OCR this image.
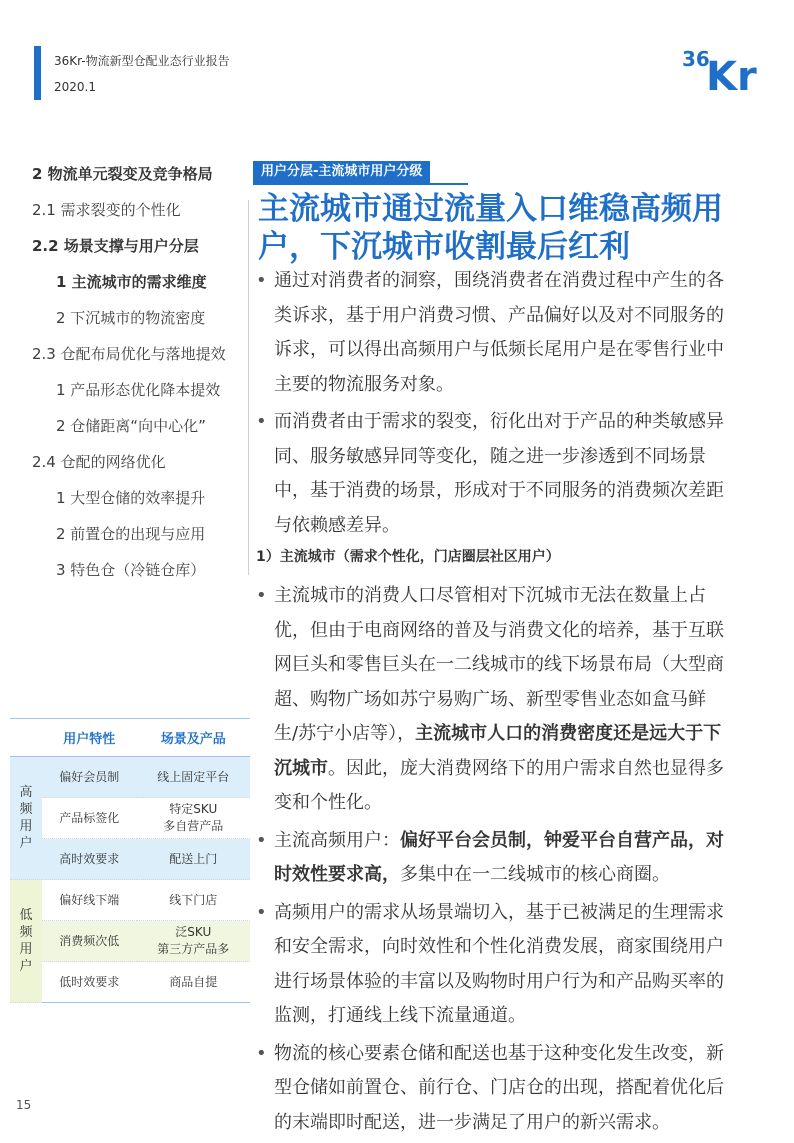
36Kr-物流新型仓配业态行业报告
2020.1
36
Kr
2 物流单元裂变及竞争格局
2.1 需求裂变的个性化
2.2 场景支撑与用户分层
1 主流城市的需求维度
2 下沉城市的物流密度
2.3 仓配布局优化与落地提效
1 产品形态优化降本提效
2 仓储距离“向中心化”
2.4 仓配的网络优化
1 大型仓储的效率提升
2 前置仓的出现与应用
3 特色仓（冷链仓库）
用户分层-主流城市用户分级
主流城市通过流量入口维稳高频用户，下沉城市收割最后红利
• 通过对消费者的洞察，围绕消费者在消费过程中产生的各类诉求，基于用户消费习惯、产品偏好以及对不同服务的诉求，可以得出高频用户与低频长尾用户是在零售行业中主要的物流服务对象。
• 而消费者由于需求的裂变，衍化出对于产品的种类敏感异同、服务敏感异同等变化，随之进一步渗透到不同场景中，基于消费的场景，形成对于不同服务的消费频次差距与依赖感差异。
1）主流城市（需求个性化，门店圈层社区用户）
• 主流城市的消费人口尽管相对下沉城市无法在数量上占优，但由于电商网络的普及与消费文化的培养，基于互联网巨头和零售巨头在一二线城市的线下场景布局（大型商超、购物广场如苏宁易购广场、新型零售业态如盒马鲜生/苏宁小店等），主流城市人口的消费密度还是远大于下沉城市。因此，庞大消费网络下的用户需求自然也显得多变和个性化。
• 主流高频用户：偏好平台会员制，钟爱平台自营产品，对时效性要求高，多集中在一二线城市的核心商圈。
• 高频用户的需求从场景端切入，基于已被满足的生理需求和安全需求，向时效性和个性化消费发展，商家围绕用户进行场景体验的丰富以及购物时用户行为和产品购买率的监测，打通线上线下流量通道。
• 物流的核心要素仓储和配送也基于这种变化发生改变，新型仓储如前置仓、前行仓、门店仓的出现，搭配着优化后的末端即时配送，进一步满足了用户的新兴需求。
	用户特性	场景及产品
高
频
用
户	偏好会员制	线上固定平台
	产品标签化	特定SKU
多自营产品
	高时效要求	配送上门
低
频
用
户	偏好线下端	线下门店
	消费频次低	泛SKU
第三方产品多
	低时效要求	商品自提
15
